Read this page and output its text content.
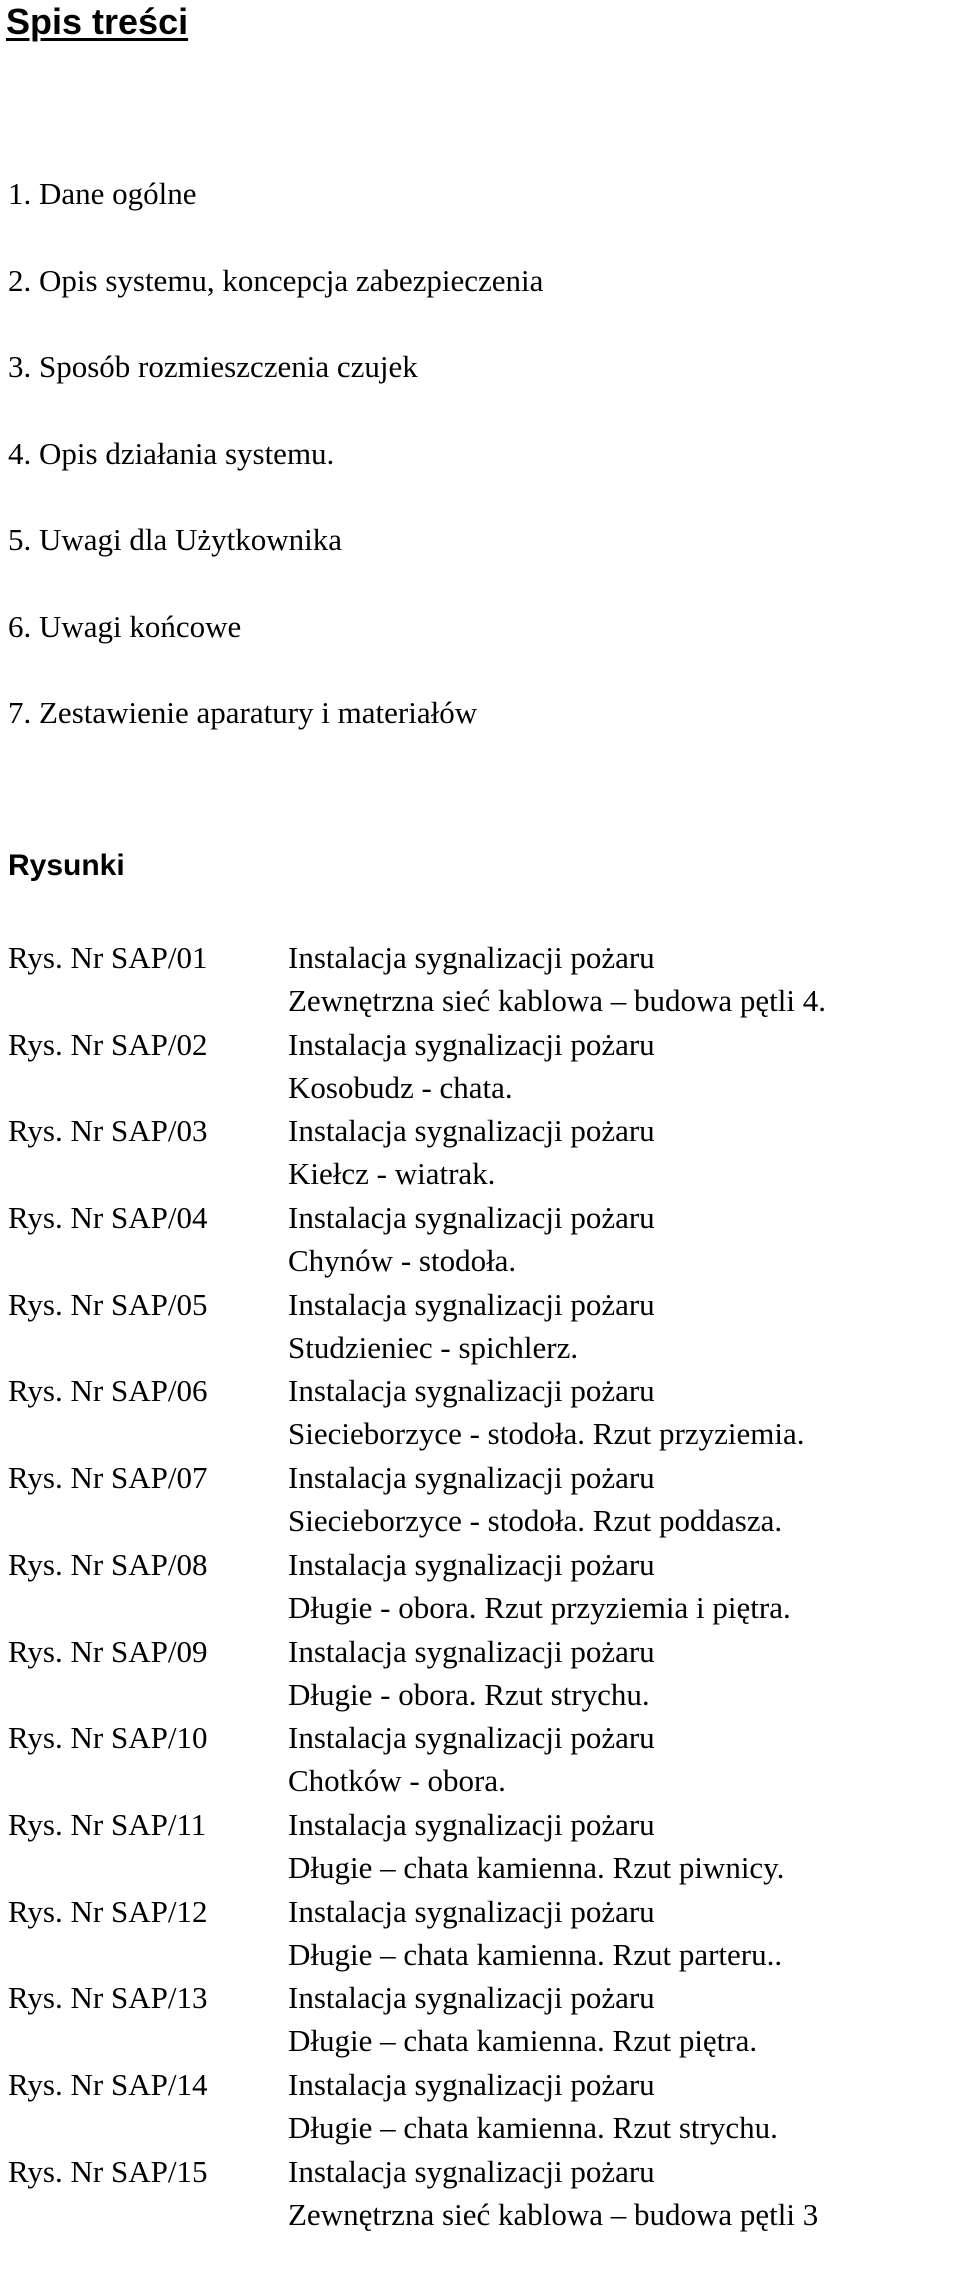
Spis treści
1. Dane ogólne
2. Opis systemu, koncepcja zabezpieczenia
3. Sposób rozmieszczenia czujek
4. Opis działania systemu.
5. Uwagi dla Użytkownika
6. Uwagi końcowe
7. Zestawienie aparatury i materiałów
Rysunki
Rys. Nr SAP/01	Instalacja sygnalizacji pożaru
Zewnętrzna sieć kablowa – budowa pętli 4.
Rys. Nr SAP/02	Instalacja sygnalizacji pożaru
Kosobudz - chata.
Rys. Nr SAP/03	Instalacja sygnalizacji pożaru
Kiełcz - wiatrak.
Rys. Nr SAP/04	Instalacja sygnalizacji pożaru
Chynów - stodoła.
Rys. Nr SAP/05	Instalacja sygnalizacji pożaru
Studzieniec - spichlerz.
Rys. Nr SAP/06	Instalacja sygnalizacji pożaru
Siecieborzyce - stodoła. Rzut przyziemia.
Rys. Nr SAP/07	Instalacja sygnalizacji pożaru
Siecieborzyce - stodoła. Rzut poddasza.
Rys. Nr SAP/08	Instalacja sygnalizacji pożaru
Długie - obora. Rzut przyziemia i piętra.
Rys. Nr SAP/09	Instalacja sygnalizacji pożaru
Długie - obora. Rzut strychu.
Rys. Nr SAP/10	Instalacja sygnalizacji pożaru
Chotków - obora.
Rys. Nr SAP/11	Instalacja sygnalizacji pożaru
Długie – chata kamienna. Rzut piwnicy.
Rys. Nr SAP/12	Instalacja sygnalizacji pożaru
Długie – chata kamienna. Rzut parteru..
Rys. Nr SAP/13	Instalacja sygnalizacji pożaru
Długie – chata kamienna. Rzut piętra.
Rys. Nr SAP/14	Instalacja sygnalizacji pożaru
Długie – chata kamienna. Rzut strychu.
Rys. Nr SAP/15	Instalacja sygnalizacji pożaru
Zewnętrzna sieć kablowa – budowa pętli 3
